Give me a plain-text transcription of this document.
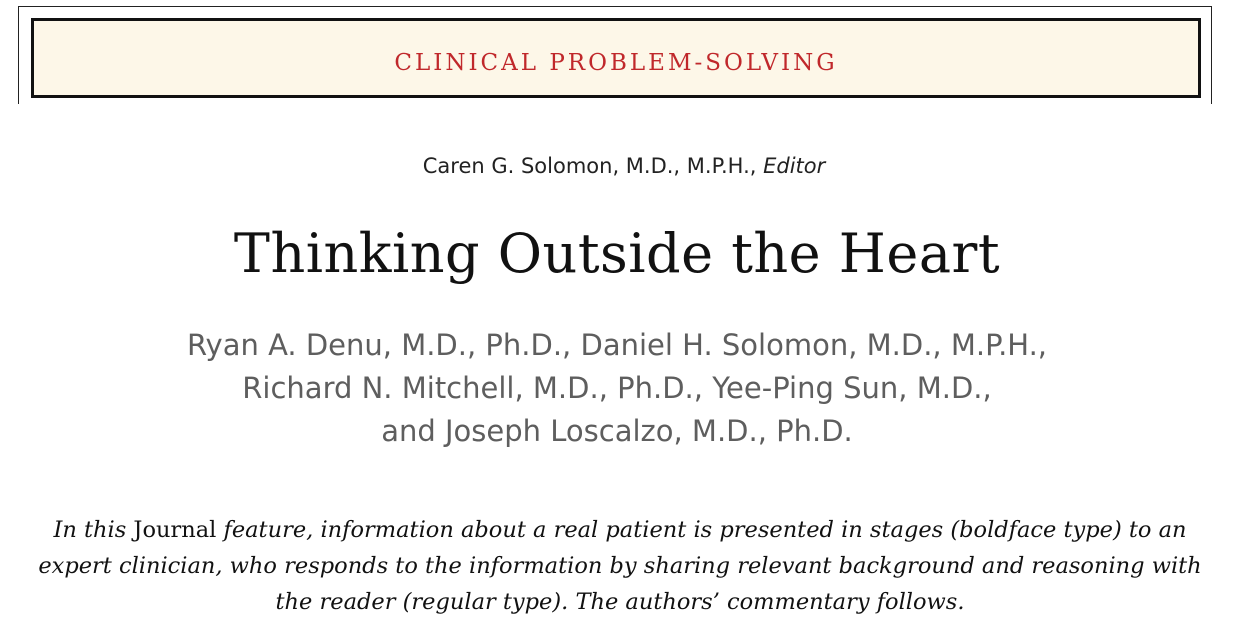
clinical problem-solving
Caren G. Solomon, M.D., M.P.H., Editor
Thinking Outside the Heart
Ryan A. Denu, M.D., Ph.D., Daniel H. Solomon, M.D., M.P.H.,
Richard N. Mitchell, M.D., Ph.D., Yee-Ping Sun, M.D.,
and Joseph Loscalzo, M.D., Ph.D.
In this Journal feature, information about a real patient is presented in stages (boldface type) to an expert clinician, who responds to the information by sharing relevant background and reasoning with the reader (regular type). The authors’ commentary follows.
